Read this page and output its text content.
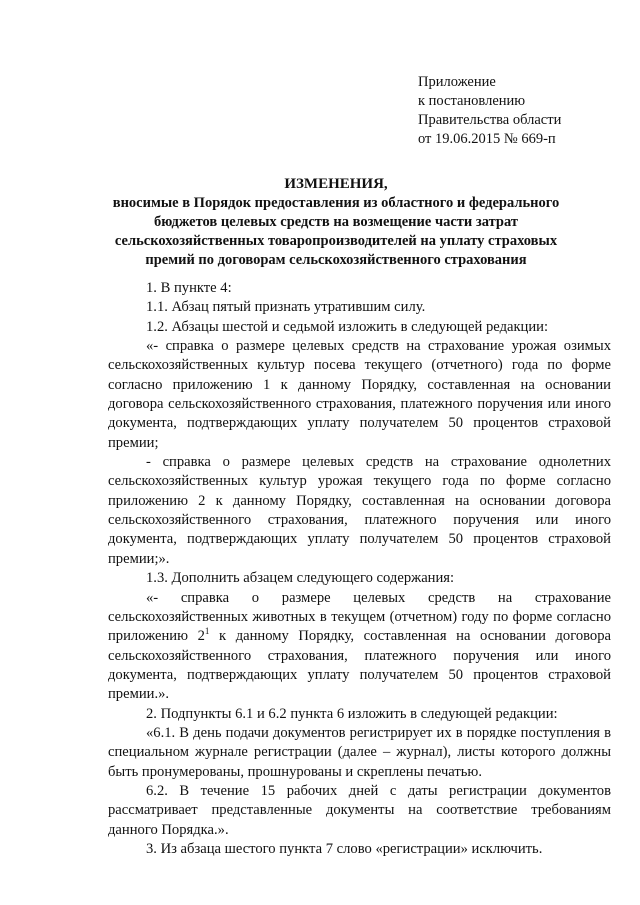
Приложение
к постановлению
Правительства области
от 19.06.2015 № 669-п
ИЗМЕНЕНИЯ,
вносимые в Порядок предоставления из областного и федерального
бюджетов целевых средств на возмещение части затрат
сельскохозяйственных товаропроизводителей на уплату страховых
премий по договорам сельскохозяйственного страхования

1. В пункте 4:

1.1. Абзац пятый признать утратившим силу.

1.2. Абзацы шестой и седьмой изложить в следующей редакции:

«- справка о размере целевых средств на страхование урожая озимых сельскохозяйственных культур посева текущего (отчетного) года по форме согласно приложению 1 к данному Порядку, составленная на основании договора сельскохозяйственного страхования, платежного поручения или иного документа, подтверждающих уплату получателем 50 процентов страховой премии;

- справка о размере целевых средств на страхование однолетних сельскохозяйственных культур урожая текущего года по форме согласно приложению 2 к данному Порядку, составленная на основании договора сельскохозяйственного страхования, платежного поручения или иного документа, подтверждающих уплату получателем 50 процентов страховой премии;».

1.3. Дополнить абзацем следующего содержания:

«- справка о размере целевых средств на страхование сельскохозяйственных животных в текущем (отчетном) году по форме согласно приложению $2^1$ к данному Порядку, составленная на основании договора сельскохозяйственного страхования, платежного поручения или иного документа, подтверждающих уплату получателем 50 процентов страховой премии.».

2. Подпункты 6.1 и 6.2 пункта 6 изложить в следующей редакции:

«6.1. В день подачи документов регистрирует их в порядке поступления в специальном журнале регистрации (далее – журнал), листы которого должны быть пронумерованы, прошнурованы и скреплены печатью.

6.2. В течение 15 рабочих дней с даты регистрации документов рассматривает представленные документы на соответствие требованиям данного Порядка.».

3. Из абзаца шестого пункта 7 слово «регистрации» исключить.
